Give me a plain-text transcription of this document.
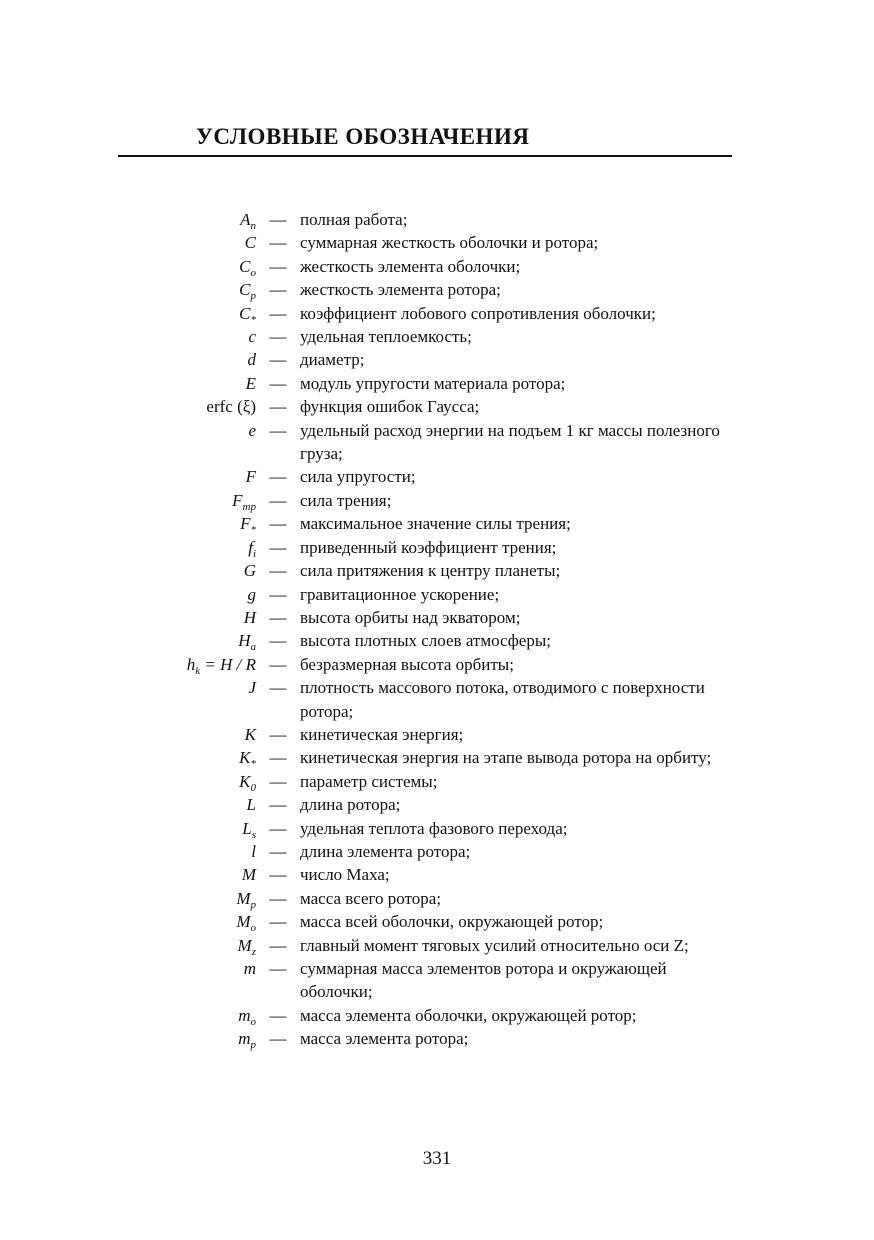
УСЛОВНЫЕ ОБОЗНАЧЕНИЯ
$A_п$ — полная работа;
C — суммарная жесткость оболочки и ротора;
$C_о$ — жесткость элемента оболочки;
$C_р$ — жесткость элемента ротора;
$C_*$ — коэффициент лобового сопротивления оболочки;
c — удельная теплоемкость;
d — диаметр;
E — модуль упругости материала ротора;
erfc (ξ) — функция ошибок Гаусса;
e — удельный расход энергии на подъем 1 кг массы полезного груза;
F — сила упругости;
$F_{тр}$ — сила трения;
$F_*$ — максимальное значение силы трения;
$f_i$ — приведенный коэффициент трения;
G — сила притяжения к центру планеты;
g — гравитационное ускорение;
H — высота орбиты над экватором;
$H_а$ — высота плотных слоев атмосферы;
$h_k = H / R$ — безразмерная высота орбиты;
J — плотность массового потока, отводимого с поверхности ротора;
K — кинетическая энергия;
$K_*$ — кинетическая энергия на этапе вывода ротора на орбиту;
$K_0$ — параметр системы;
L — длина ротора;
$L_s$ — удельная теплота фазового перехода;
l — длина элемента ротора;
M — число Маха;
$M_р$ — масса всего ротора;
$M_о$ — масса всей оболочки, окружающей ротор;
$M_z$ — главный момент тяговых усилий относительно оси Z;
m — суммарная масса элементов ротора и окружающей оболочки;
$m_о$ — масса элемента оболочки, окружающей ротор;
$m_р$ — масса элемента ротора;
331
